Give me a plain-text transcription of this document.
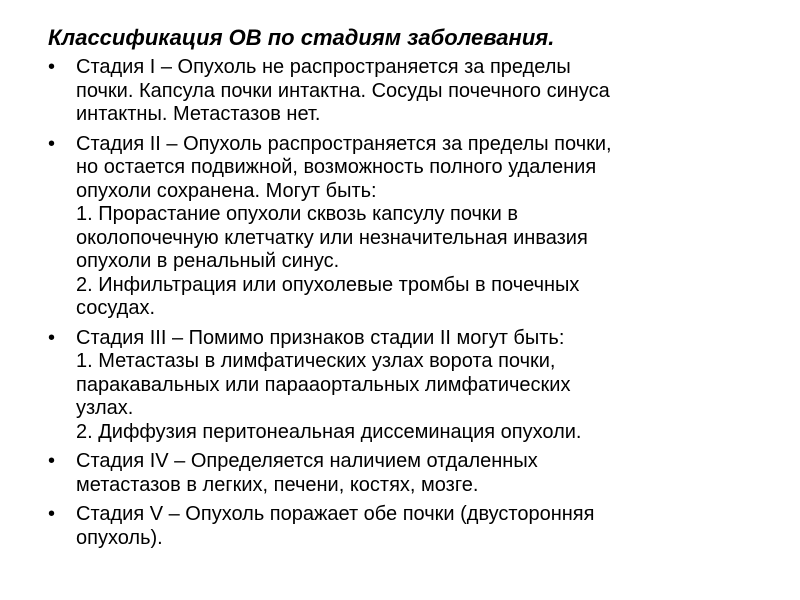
Классификация ОВ по стадиям заболевания.
• Стадия I – Опухоль не распространяется за пределы
почки. Капсула почки интактна. Сосуды почечного синуса
интактны. Метастазов нет.
• Стадия II – Опухоль распространяется за пределы почки,
но остается подвижной, возможность полного удаления
опухоли сохранена. Могут быть:
1. Прорастание опухоли сквозь капсулу почки в
околопочечную клетчатку или незначительная инвазия
опухоли в ренальный синус.
2. Инфильтрация или опухолевые тромбы в почечных
сосудах.
• Стадия III – Помимо признаков стадии II могут быть:
1. Метастазы в лимфатических узлах ворота почки,
паракавальных или парааортальных лимфатических
узлах.
2. Диффузия перитонеальная диссеминация опухоли.
• Стадия IV – Определяется наличием отдаленных
метастазов в легких, печени, костях, мозге.
• Стадия V – Опухоль поражает обе почки (двусторонняя
опухоль).
